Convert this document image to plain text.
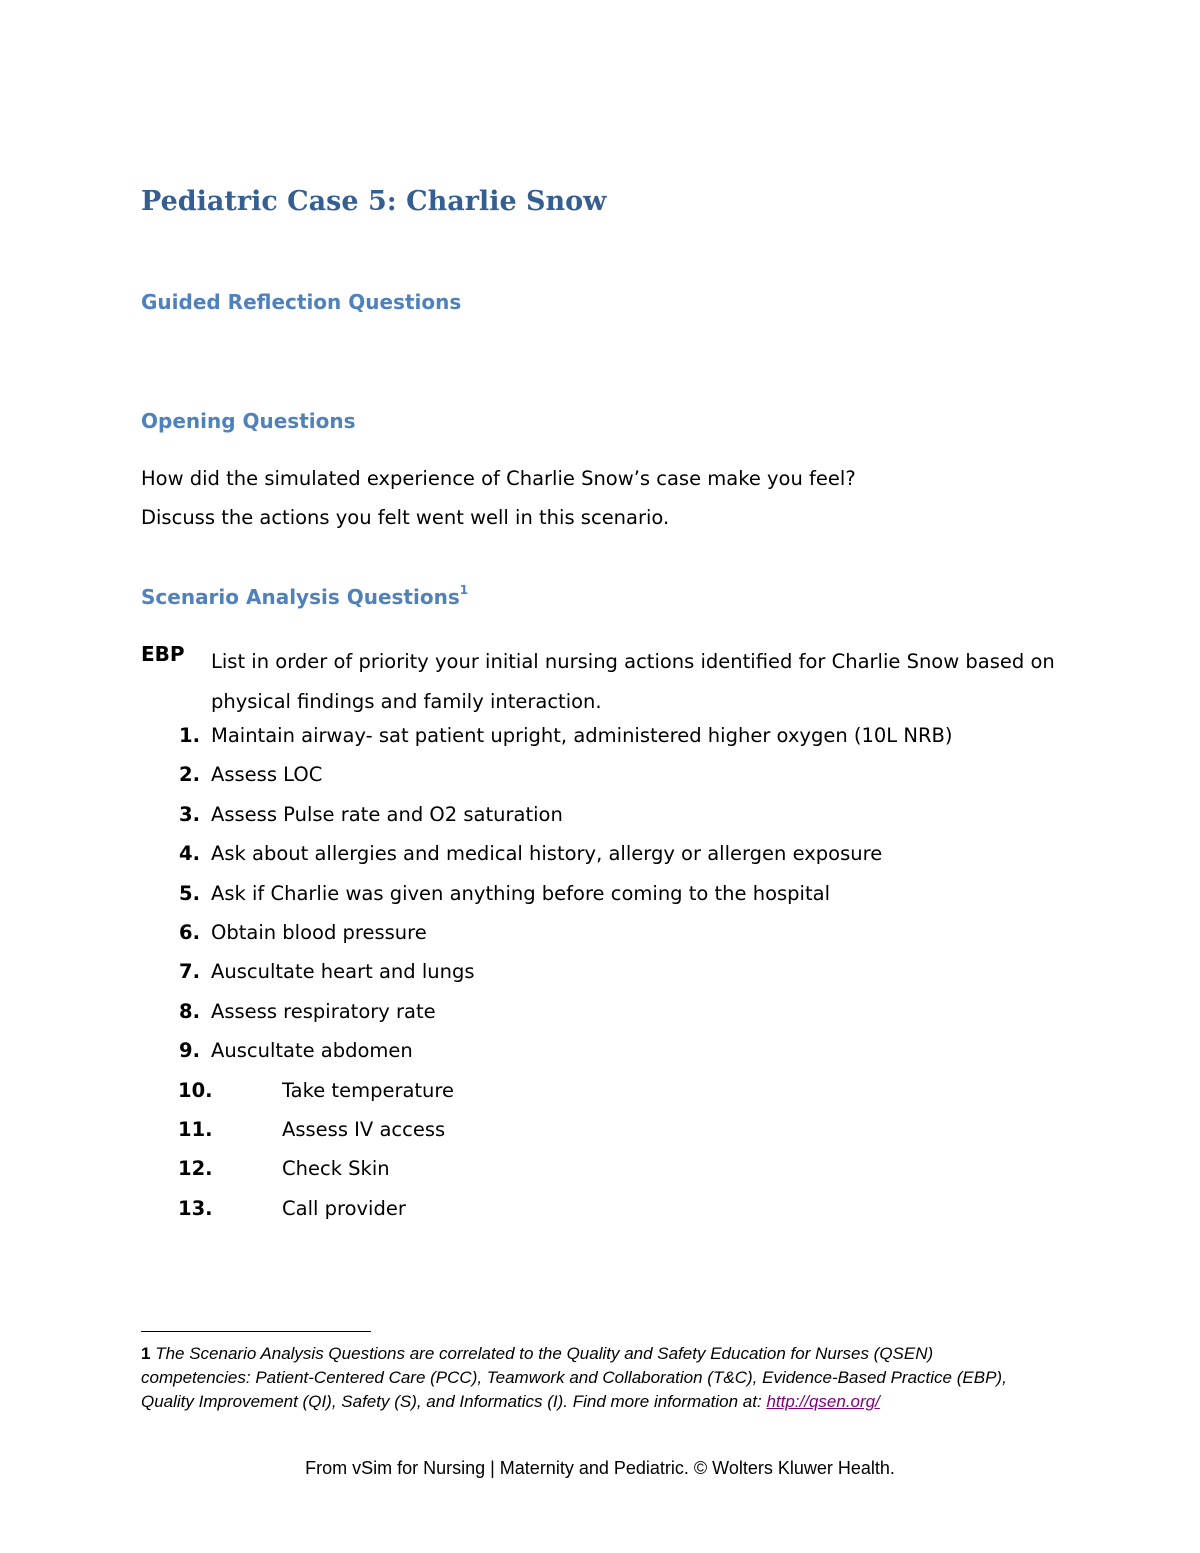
Pediatric Case 5: Charlie Snow
Guided Reflection Questions
Opening Questions
How did the simulated experience of Charlie Snow’s case make you feel?
Discuss the actions you felt went well in this scenario.
Scenario Analysis Questions$^1$
EBP List in order of priority your initial nursing actions identified for Charlie Snow based on physical findings and family interaction.
1. Maintain airway- sat patient upright, administered higher oxygen (10L NRB)
2. Assess LOC
3. Assess Pulse rate and O2 saturation
4. Ask about allergies and medical history, allergy or allergen exposure
5. Ask if Charlie was given anything before coming to the hospital
6. Obtain blood pressure
7. Auscultate heart and lungs
8. Assess respiratory rate
9. Auscultate abdomen
10.	Take temperature
11.	Assess IV access
12.	Check Skin
13.	Call provider
1 The Scenario Analysis Questions are correlated to the Quality and Safety Education for Nurses (QSEN) competencies: Patient-Centered Care (PCC), Teamwork and Collaboration (T&C), Evidence-Based Practice (EBP), Quality Improvement (QI), Safety (S), and Informatics (I). Find more information at: http://qsen.org/
From vSim for Nursing | Maternity and Pediatric. © Wolters Kluwer Health.
